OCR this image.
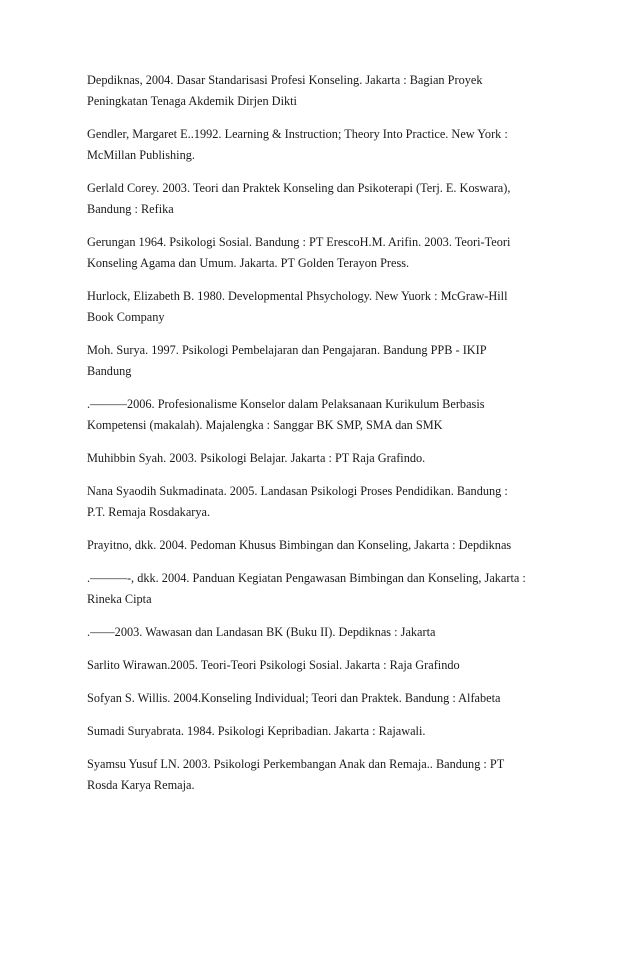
Depdiknas, 2004. Dasar Standarisasi Profesi Konseling. Jakarta : Bagian Proyek
Peningkatan Tenaga Akdemik Dirjen Dikti
Gendler, Margaret E..1992. Learning & Instruction; Theory Into Practice. New York :
McMillan Publishing.
Gerlald Corey. 2003. Teori dan Praktek Konseling dan Psikoterapi (Terj. E. Koswara),
Bandung : Refika
Gerungan 1964. Psikologi Sosial. Bandung : PT ErescoH.M. Arifin. 2003. Teori-Teori
Konseling Agama dan Umum. Jakarta. PT Golden Terayon Press.
Hurlock, Elizabeth B. 1980. Developmental Phsychology. New Yuork : McGraw-Hill
Book Company
Moh. Surya. 1997. Psikologi Pembelajaran dan Pengajaran. Bandung PPB - IKIP
Bandung
.———2006. Profesionalisme Konselor dalam Pelaksanaan Kurikulum Berbasis
Kompetensi (makalah). Majalengka : Sanggar BK SMP, SMA dan SMK
Muhibbin Syah. 2003. Psikologi Belajar. Jakarta : PT Raja Grafindo.
Nana Syaodih Sukmadinata. 2005. Landasan Psikologi Proses Pendidikan. Bandung :
P.T. Remaja Rosdakarya.
Prayitno, dkk. 2004. Pedoman Khusus Bimbingan dan Konseling, Jakarta : Depdiknas
.———-, dkk. 2004. Panduan Kegiatan Pengawasan Bimbingan dan Konseling, Jakarta :
Rineka Cipta
.——2003. Wawasan dan Landasan BK (Buku II). Depdiknas : Jakarta
Sarlito Wirawan.2005. Teori-Teori Psikologi Sosial. Jakarta : Raja Grafindo
Sofyan S. Willis. 2004.Konseling Individual; Teori dan Praktek. Bandung : Alfabeta
Sumadi Suryabrata. 1984. Psikologi Kepribadian. Jakarta : Rajawali.
Syamsu Yusuf LN. 2003. Psikologi Perkembangan Anak dan Remaja.. Bandung : PT
Rosda Karya Remaja.
